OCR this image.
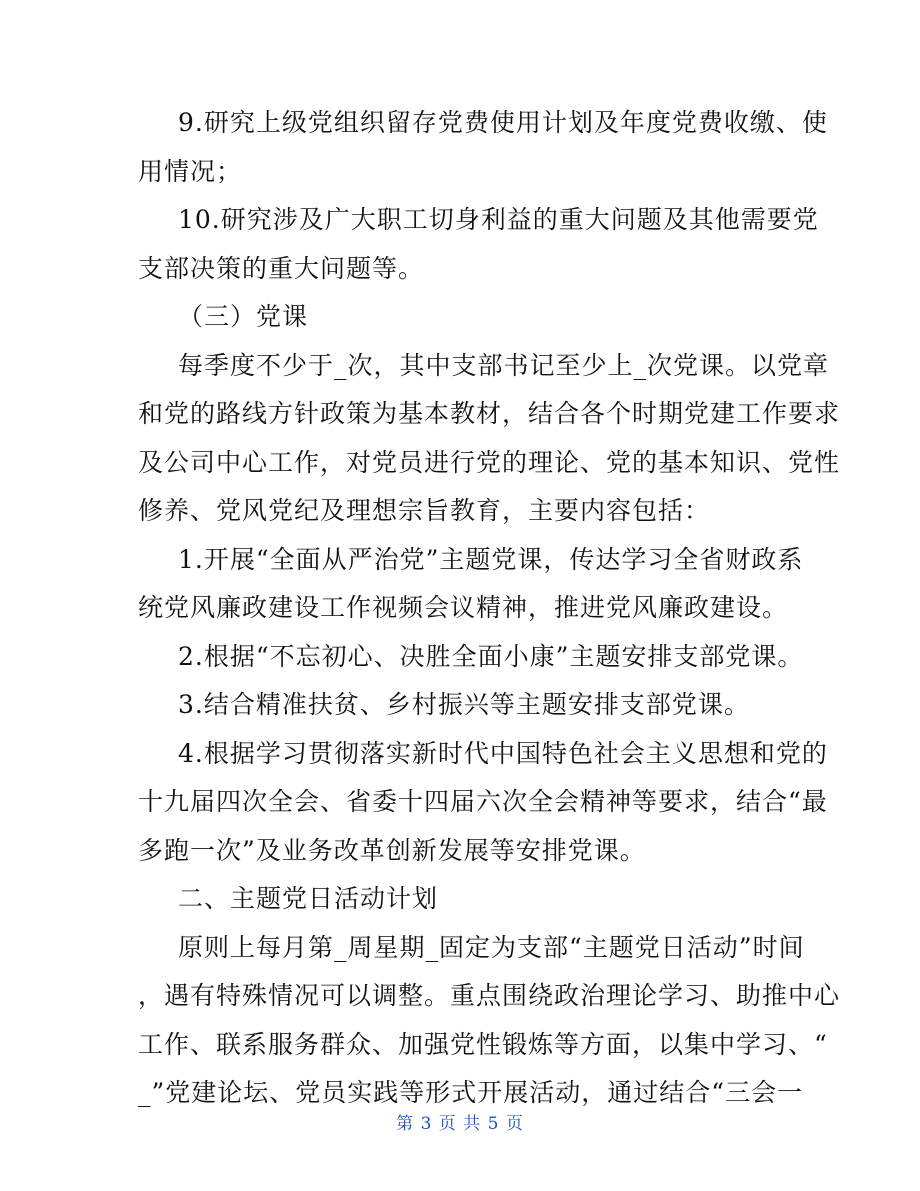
9.研究上级党组织留存党费使用计划及年度党费收缴、使
用情况；
10.研究涉及广大职工切身利益的重大问题及其他需要党
支部决策的重大问题等。
（三）党课
每季度不少于_次，其中支部书记至少上_次党课。以党章
和党的路线方针政策为基本教材，结合各个时期党建工作要求
及公司中心工作，对党员进行党的理论、党的基本知识、党性
修养、党风党纪及理想宗旨教育，主要内容包括：
1.开展“全面从严治党”主题党课，传达学习全省财政系
统党风廉政建设工作视频会议精神，推进党风廉政建设。
2.根据“不忘初心、决胜全面小康”主题安排支部党课。
3.结合精准扶贫、乡村振兴等主题安排支部党课。
4.根据学习贯彻落实新时代中国特色社会主义思想和党的
十九届四次全会、省委十四届六次全会精神等要求，结合“最
多跑一次”及业务改革创新发展等安排党课。
二、主题党日活动计划
原则上每月第_周星期_固定为支部“主题党日活动”时间
，遇有特殊情况可以调整。重点围绕政治理论学习、助推中心
工作、联系服务群众、加强党性锻炼等方面，以集中学习、“
_”党建论坛、党员实践等形式开展活动，通过结合“三会一
第 3 页 共 5 页
